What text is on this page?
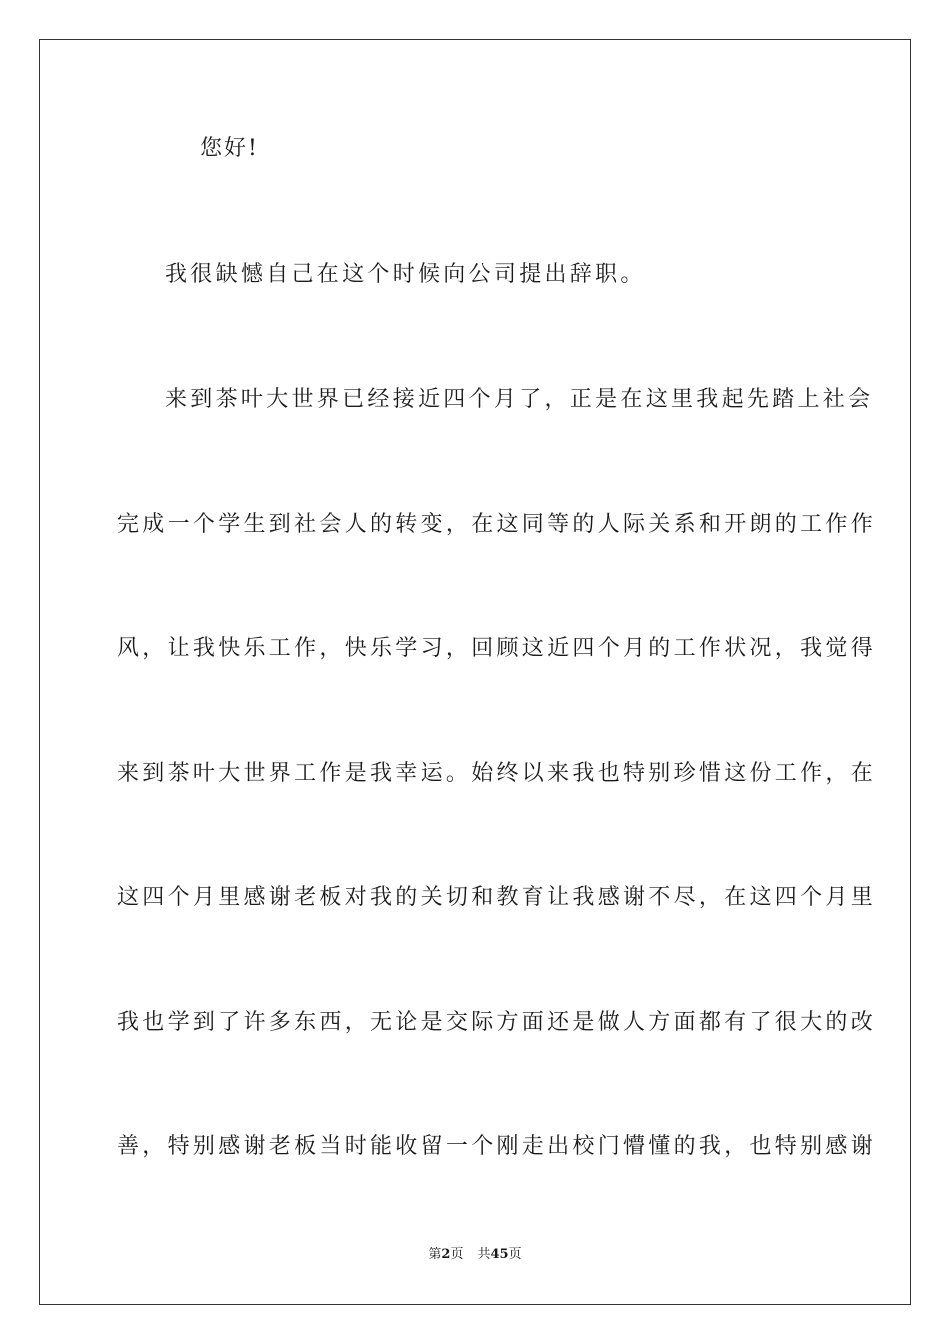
您好!
我很缺憾自己在这个时候向公司提出辞职。
来到茶叶大世界已经接近四个月了，正是在这里我起先踏上社会
完成一个学生到社会人的转变，在这同等的人际关系和开朗的工作作
风，让我快乐工作，快乐学习，回顾这近四个月的工作状况，我觉得
来到茶叶大世界工作是我幸运。始终以来我也特别珍惜这份工作，在
这四个月里感谢老板对我的关切和教育让我感谢不尽，在这四个月里
我也学到了许多东西，无论是交际方面还是做人方面都有了很大的改
善，特别感谢老板当时能收留一个刚走出校门懵懂的我，也特别感谢
第2页 共45页
